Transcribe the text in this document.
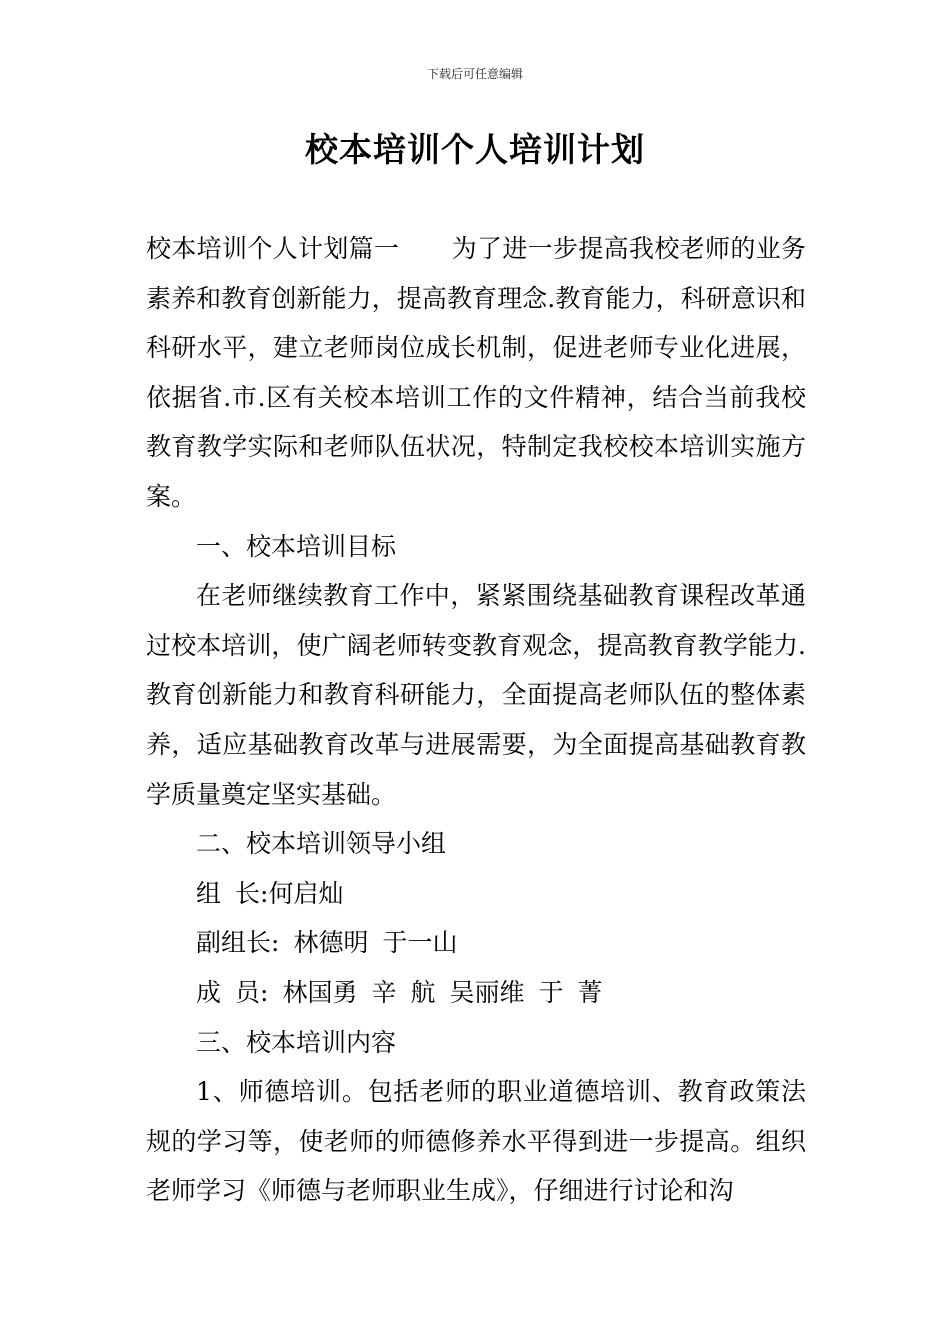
下载后可任意编辑
校本培训个人培训计划

校本培训个人计划篇一 为了进一步提高我校老师的业务素养和教育创新能力，提高教育理念.教育能力，科研意识和科研水平，建立老师岗位成长机制，促进老师专业化进展，依据省.市.区有关校本培训工作的文件精神，结合当前我校教育教学实际和老师队伍状况，特制定我校校本培训实施方案。

一、校本培训目标

在老师继续教育工作中，紧紧围绕基础教育课程改革通过校本培训，使广阔老师转变教育观念，提高教育教学能力.教育创新能力和教育科研能力，全面提高老师队伍的整体素养，适应基础教育改革与进展需要，为全面提高基础教育教学质量奠定坚实基础。

二、校本培训领导小组

组 长:何启灿

副组长: 林德明 于一山

成 员: 林国勇 辛 航 吴丽维 于 菁

三、校本培训内容

1、师德培训。包括老师的职业道德培训、教育政策法规的学习等，使老师的师德修养水平得到进一步提高。组织老师学习《师德与老师职业生成》，仔细进行讨论和沟
